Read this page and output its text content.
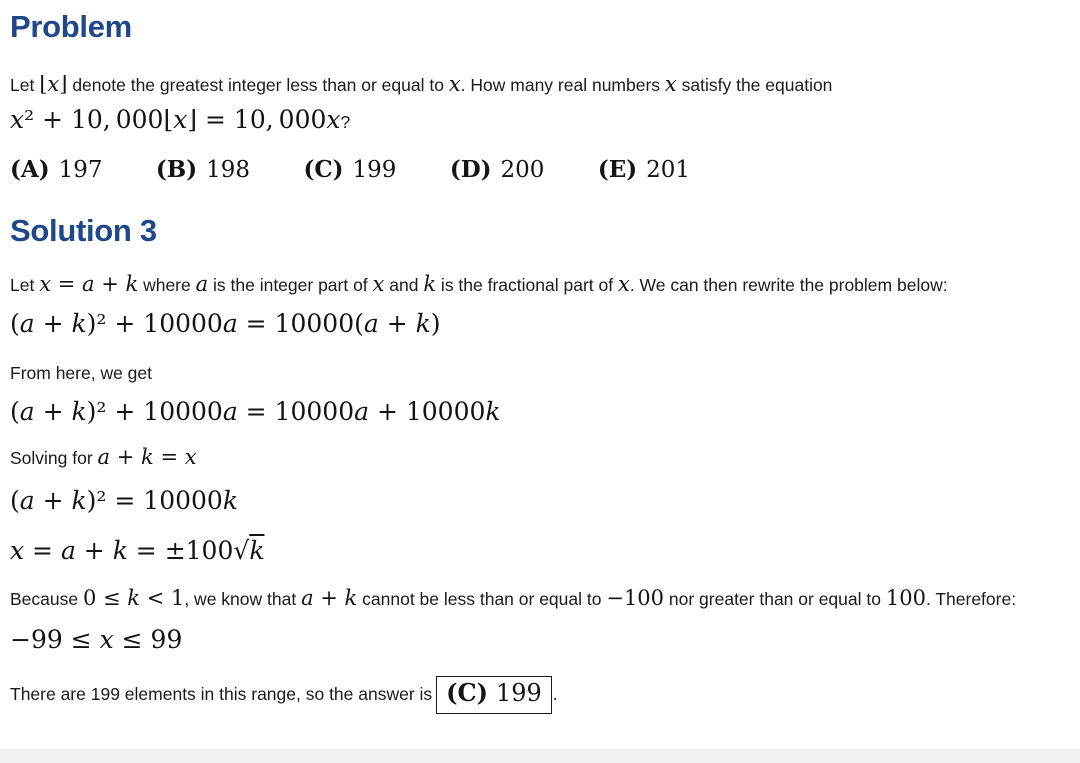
Problem
Let ⌊x⌋ denote the greatest integer less than or equal to x. How many real numbers x satisfy the equation
x² + 10, 000⌊x⌋ = 10, 000x?
(A) 197 (B) 198 (C) 199 (D) 200 (E) 201
Solution 3
Let x = a + k where a is the integer part of x and k is the fractional part of x. We can then rewrite the problem below:
(a + k)² + 10000a = 10000(a + k)
From here, we get
(a + k)² + 10000a = 10000a + 10000k
Solving for a + k = x
(a + k)² = 10000k
x = a + k = ±100√k
Because 0 ≤ k < 1, we know that a + k cannot be less than or equal to −100 nor greater than or equal to 100. Therefore:
−99 ≤ x ≤ 99
There are 199 elements in this range, so the answer is (C) 199 .
